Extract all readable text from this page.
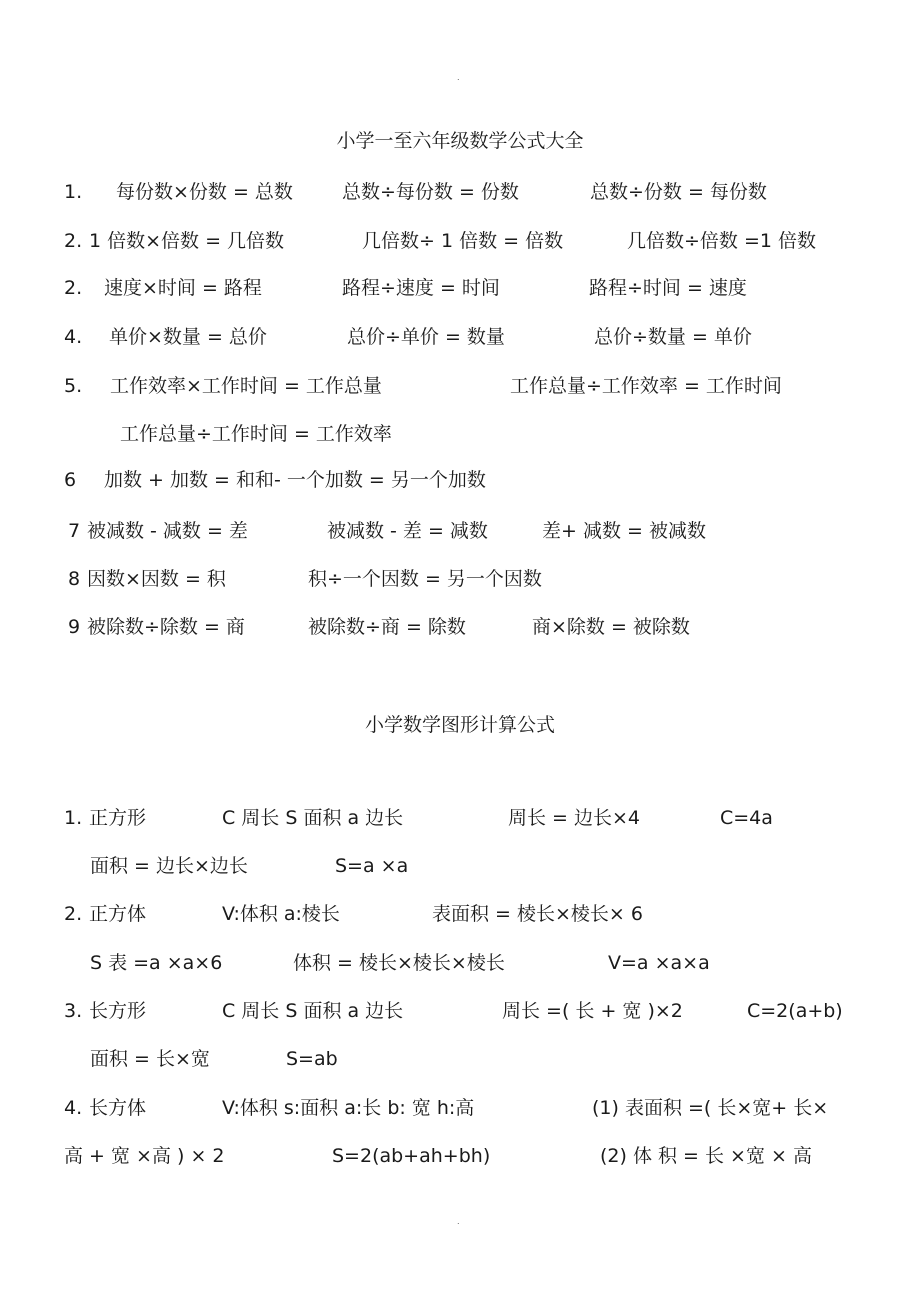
.
小学一至六年级数学公式大全
1. 每份数×份数 = 总数	总数÷每份数 = 份数	总数÷份数 = 每份数
2. 1 倍数×倍数 = 几倍数	几倍数÷ 1 倍数 = 倍数	几倍数÷倍数 =1 倍数
2. 速度×时间 = 路程	路程÷速度 = 时间	路程÷时间 = 速度
4. 单价×数量 = 总价	总价÷单价 = 数量	总价÷数量 = 单价
5. 工作效率×工作时间 = 工作总量	工作总量÷工作效率 = 工作时间
工作总量÷工作时间 = 工作效率
6 加数 + 加数 = 和和- 一个加数 = 另一个加数
7 被减数 - 减数 = 差	被减数 - 差 = 减数	差+ 减数 = 被减数
8 因数×因数 = 积	积÷一个因数 = 另一个因数
9 被除数÷除数 = 商	被除数÷商 = 除数	商×除数 = 被除数
小学数学图形计算公式
1. 正方形	C 周长 S 面积 a 边长	周长 = 边长×4	C=4a
面积 = 边长×边长	S=a ×a
2. 正方体	V:体积 a:棱长	表面积 = 棱长×棱长× 6
S 表 =a ×a×6	体积 = 棱长×棱长×棱长	V=a ×a×a
3. 长方形	C 周长 S 面积 a 边长	周长 =( 长 + 宽 )×2	C=2(a+b)
面积 = 长×宽	S=ab
4. 长方体	V:体积 s:面积 a:长 b: 宽 h:高	(1) 表面积 =( 长×宽+ 长×
高 + 宽 ×高 ) × 2	S=2(ab+ah+bh)	(2) 体 积 = 长 ×宽 × 高
.
